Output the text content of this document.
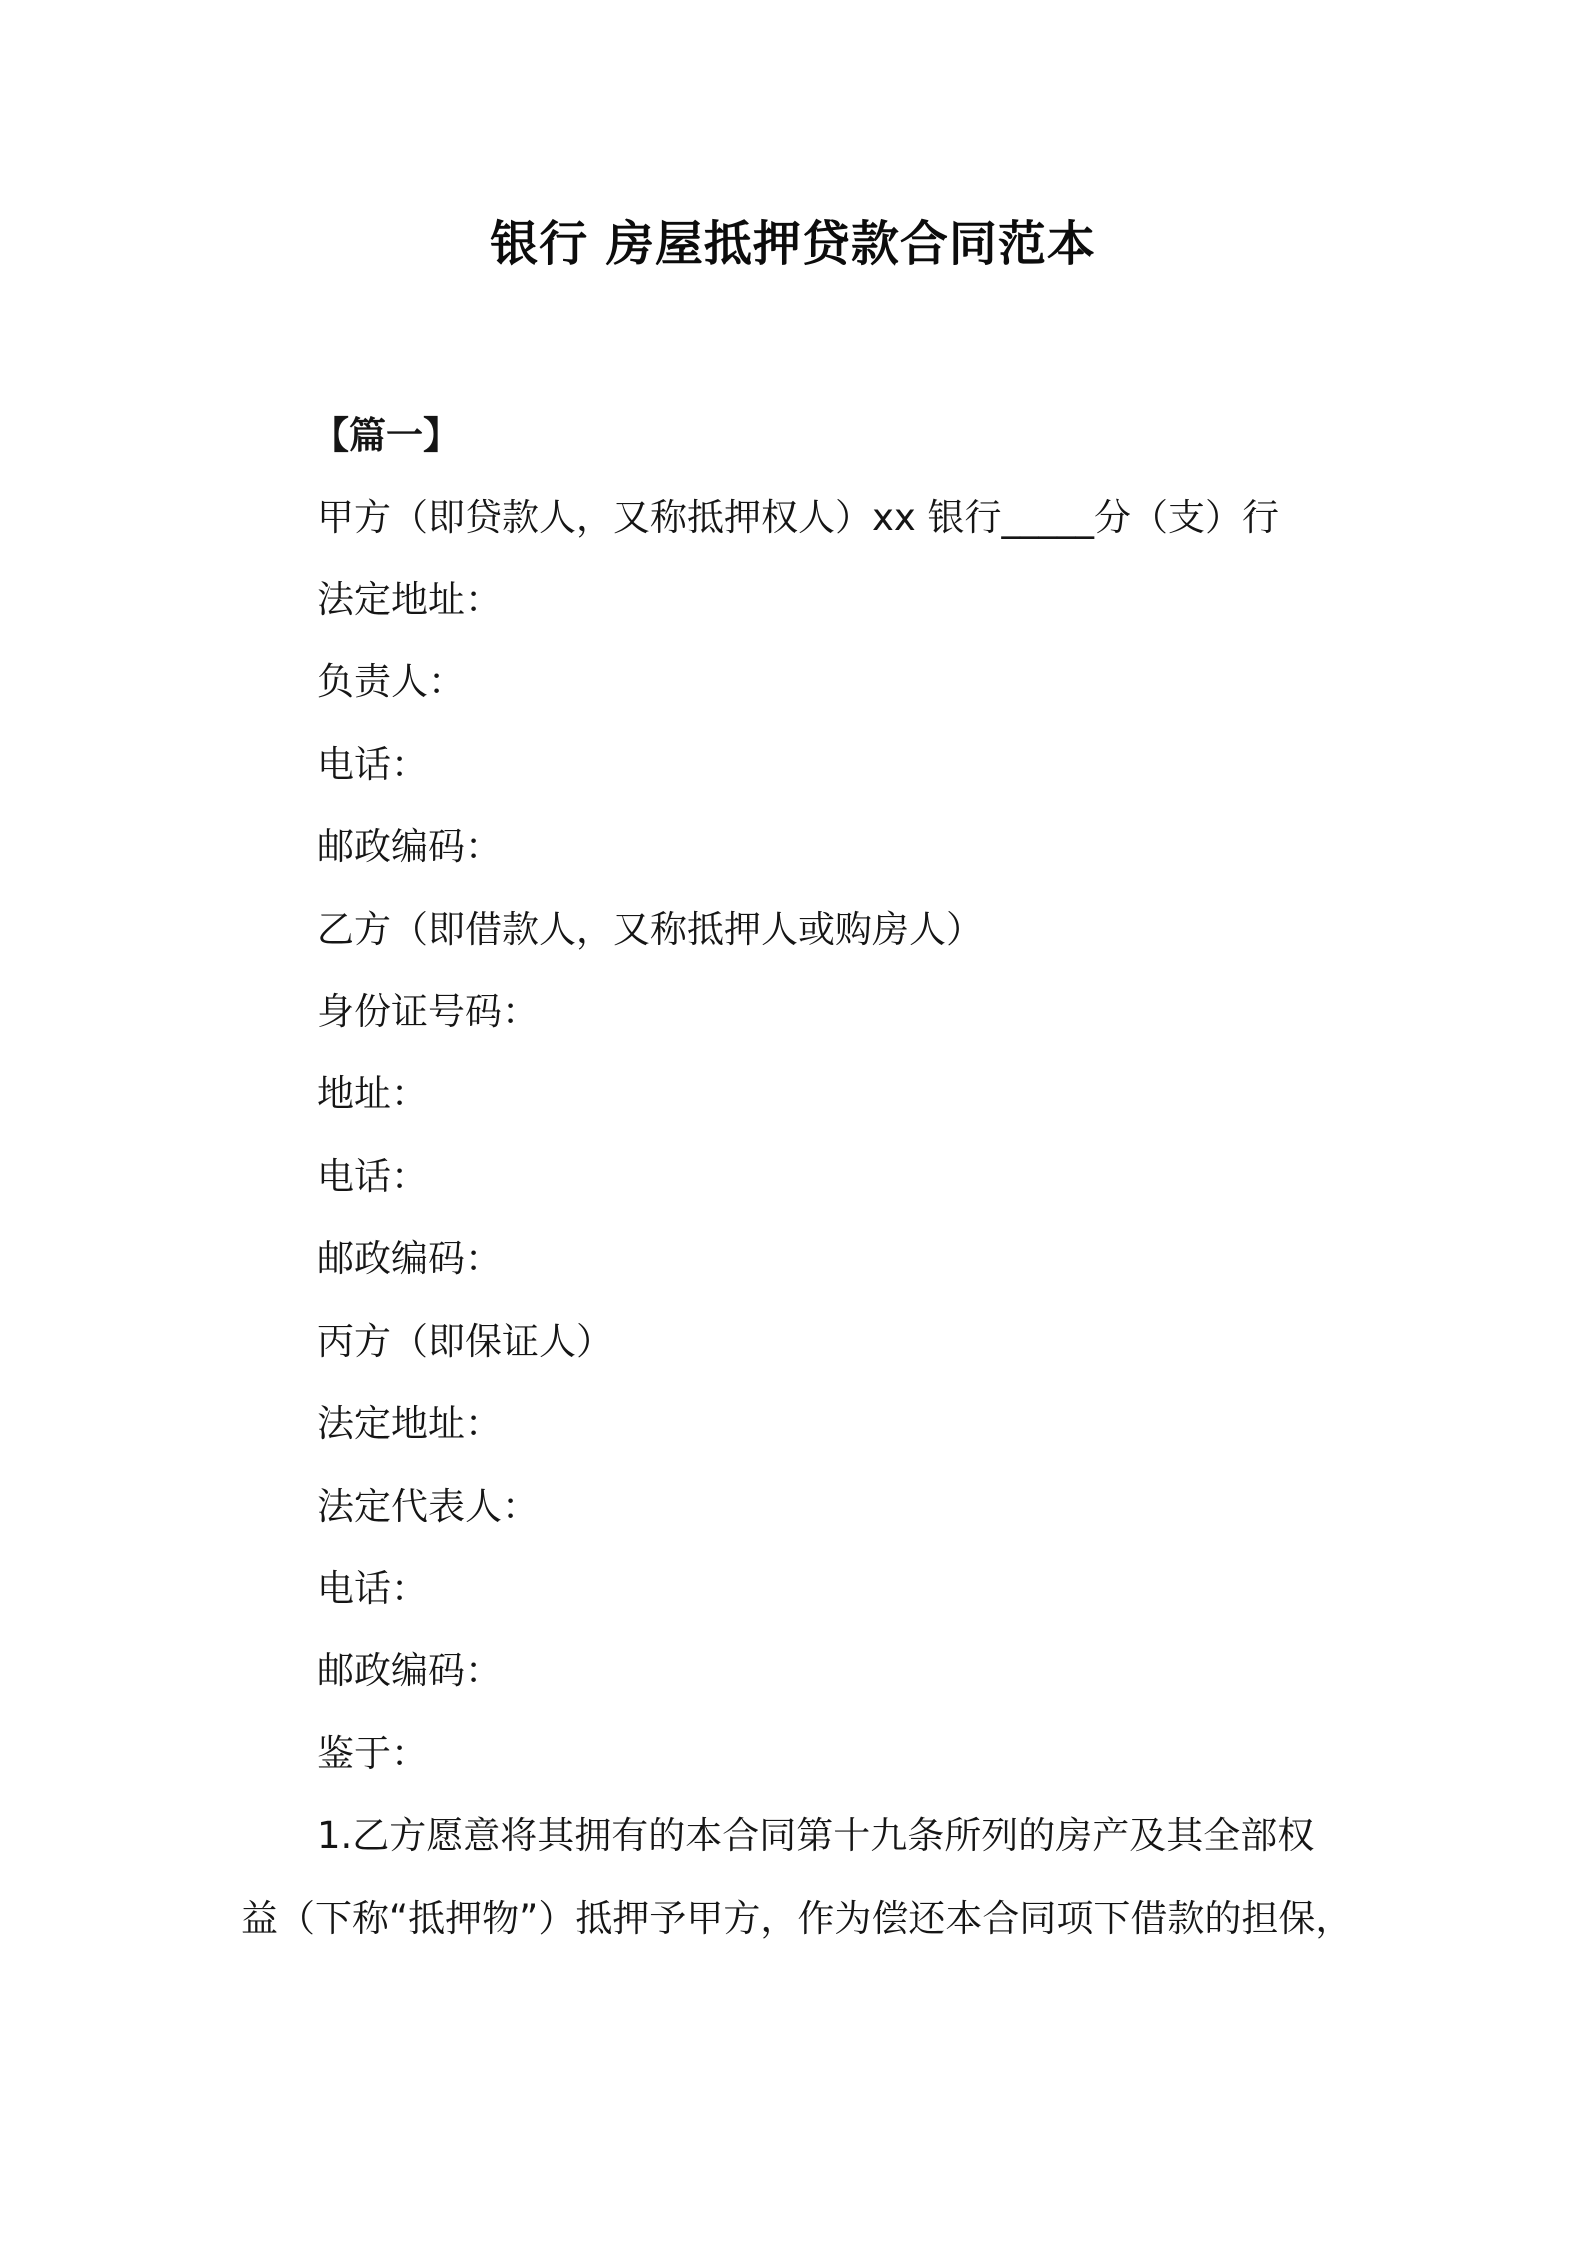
银行 房屋抵押贷款合同范本
【篇一】
甲方（即贷款人，又称抵押权人）xx 银行_____分（支）行
法定地址：
负责人：
电话：
邮政编码：
乙方（即借款人，又称抵押人或购房人）
身份证号码：
地址：
电话：
邮政编码：
丙方（即保证人）
法定地址：
法定代表人：
电话：
邮政编码：
鉴于：
1.乙方愿意将其拥有的本合同第十九条所列的房产及其全部权
益（下称“抵押物”）抵押予甲方，作为偿还本合同项下借款的担保，
